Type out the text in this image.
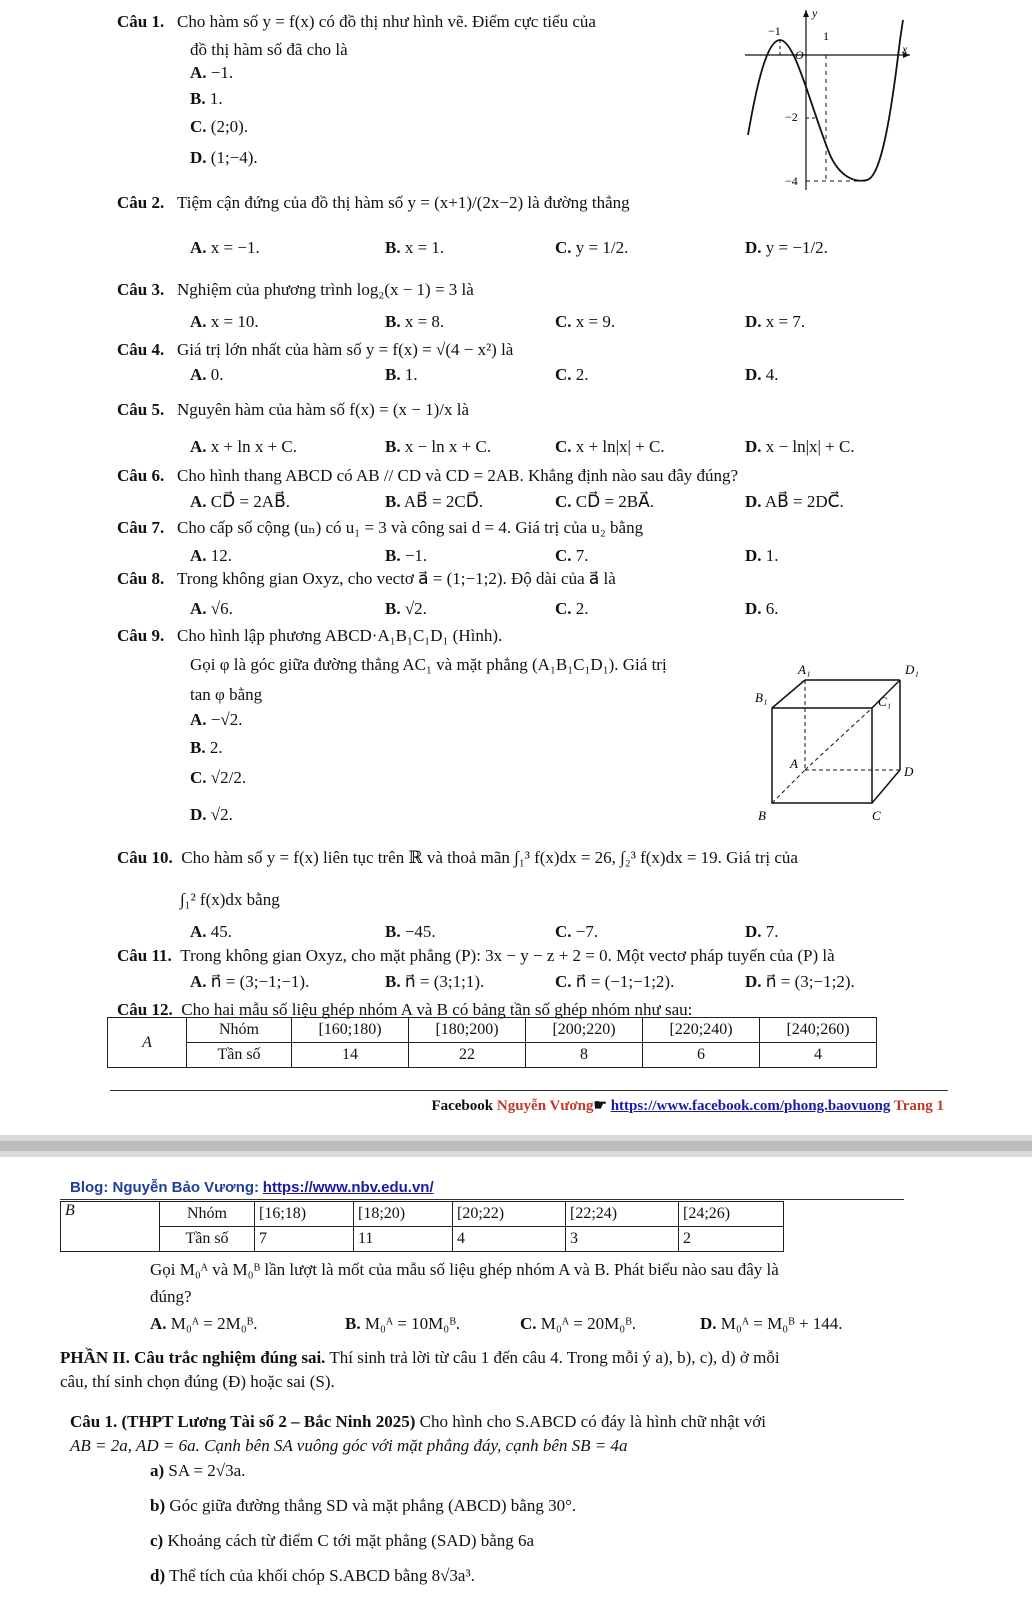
Câu 1. Cho hàm số y = f(x) có đồ thị như hình vẽ. Điểm cực tiểu của
đồ thị hàm số đã cho là
A. −1.
B. 1.
C. (2;0).
D. (1;−4).
y
x
O
−1	1
−2
−4
Câu 2. Tiệm cận đứng của đồ thị hàm số y = (x+1)/(2x−2) là đường thẳng
A. x = −1.	B. x = 1.	C. y = 1/2.	D. y = −1/2.
Câu 3. Nghiệm của phương trình log₂(x − 1) = 3 là
A. x = 10.	B. x = 8.	C. x = 9.	D. x = 7.
Câu 4. Giá trị lớn nhất của hàm số y = f(x) = √(4 − x²) là
A. 0.	B. 1.	C. 2.	D. 4.
Câu 5. Nguyên hàm của hàm số f(x) = (x − 1)/x là
A. x + ln x + C.	B. x − ln x + C.	C. x + ln|x| + C.	D. x − ln|x| + C.
Câu 6. Cho hình thang ABCD có AB // CD và CD = 2AB. Khẳng định nào sau đây đúng?
A. CD⃗ = 2AB⃗.	B. AB⃗ = 2CD⃗.	C. CD⃗ = 2BA⃗.	D. AB⃗ = 2DC⃗.
Câu 7. Cho cấp số cộng (uₙ) có u₁ = 3 và công sai d = 4. Giá trị của u₂ bằng
A. 12.	B. −1.	C. 7.	D. 1.
Câu 8. Trong không gian Oxyz, cho vectơ a⃗ = (1;−1;2). Độ dài của a⃗ là
A. √6.	B. √2.	C. 2.	D. 6.
Câu 9. Cho hình lập phương ABCD·A₁B₁C₁D₁ (Hình).
Gọi φ là góc giữa đường thẳng AC₁ và mặt phẳng (A₁B₁C₁D₁). Giá trị
tan φ bằng
A. −√2.
B. 2.
C. √2/2.
D. √2.
A₁	D₁
B₁	C₁
A
D
B	C
Câu 10. Cho hàm số y = f(x) liên tục trên ℝ và thoả mãn ∫₁³ f(x)dx = 26, ∫₂³ f(x)dx = 19. Giá trị của
∫₁² f(x)dx bằng
A. 45.	B. −45.	C. −7.	D. 7.
Câu 11. Trong không gian Oxyz, cho mặt phẳng (P): 3x − y − z + 2 = 0. Một vectơ pháp tuyến của (P) là
A. n⃗ = (3;−1;−1).	B. n⃗ = (3;1;1).	C. n⃗ = (−1;−1;2).	D. n⃗ = (3;−1;2).
Câu 12. Cho hai mẫu số liệu ghép nhóm A và B có bảng tần số ghép nhóm như sau:
A	Nhóm	[160;180)	[180;200)	[200;220)	[220;240)	[240;260)
	Tần số	14	22	8	6	4
Facebook Nguyễn Vương☛ https://www.facebook.com/phong.baovuong Trang 1
Blog: Nguyễn Bảo Vương: https://www.nbv.edu.vn/
B	Nhóm	[16;18)	[18;20)	[20;22)	[22;24)	[24;26)
	Tần số	7	11	4	3	2
Gọi M₀ᴬ và M₀ᴮ lần lượt là mốt của mẫu số liệu ghép nhóm A và B. Phát biểu nào sau đây là
đúng?
A. M₀ᴬ = 2M₀ᴮ.	B. M₀ᴬ = 10M₀ᴮ.	C. M₀ᴬ = 20M₀ᴮ.	D. M₀ᴬ = M₀ᴮ + 144.
PHẦN II. Câu trắc nghiệm đúng sai. Thí sinh trả lời từ câu 1 đến câu 4. Trong mỗi ý a), b), c), d) ở mỗi
câu, thí sinh chọn đúng (Đ) hoặc sai (S).
Câu 1. (THPT Lương Tài số 2 – Bắc Ninh 2025) Cho hình cho S.ABCD có đáy là hình chữ nhật với
AB = 2a, AD = 6a. Cạnh bên SA vuông góc với mặt phẳng đáy, cạnh bên SB = 4a
a) SA = 2√3a.
b) Góc giữa đường thẳng SD và mặt phẳng (ABCD) bằng 30°.
c) Khoảng cách từ điểm C tới mặt phẳng (SAD) bằng 6a
d) Thể tích của khối chóp S.ABCD bằng 8√3a³.
